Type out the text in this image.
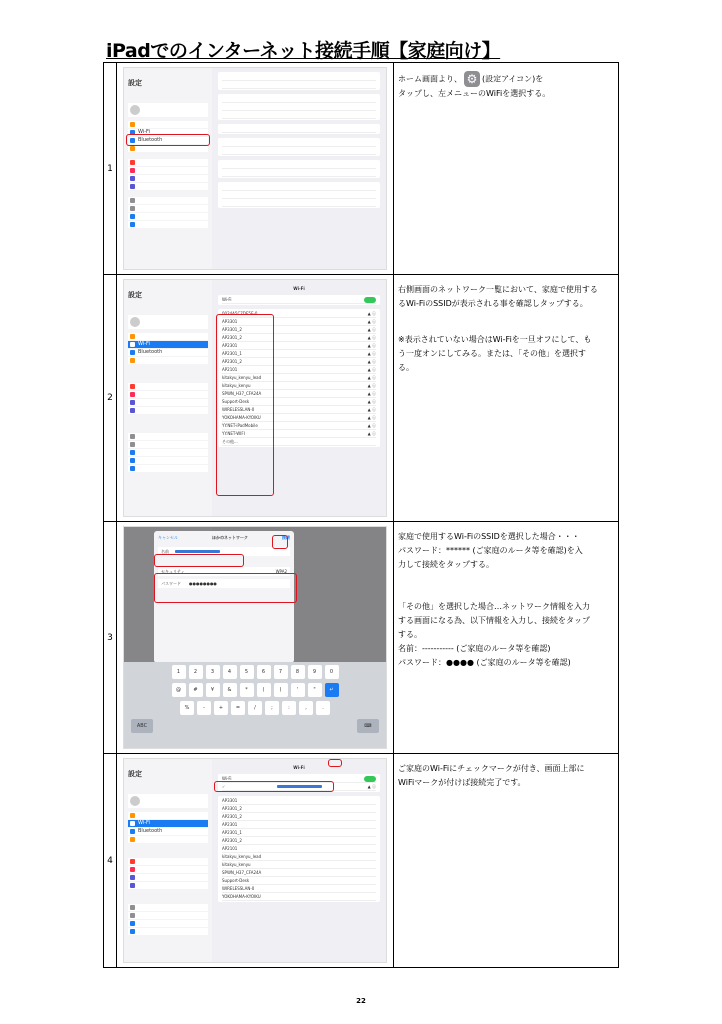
iPadでのインターネット接続手順【家庭向け】
1	
設定

Wi-Fi
Bluetooth

ホーム画面より、⚙	(設定アイコン)を

タップし、左メニューのWiFiを選択する。

2	
設定

Wi-Fi
Bluetooth
Wi-Fi
Wi-Fi
0024A5C7DE5E-0	▲ ⓘ
AP3301	▲ ⓘ
AP3301_2	▲ ⓘ
AP2301_2	▲ ⓘ
AP2301	▲ ⓘ
AP2301_1	▲ ⓘ
AP2301_2	▲ ⓘ
AP2101	▲ ⓘ
kitakyu_kenyu_lead	▲ ⓘ
kitakyu_kenyu	▲ ⓘ
SPWN_H37_CFA24A	▲ ⓘ
Support-Desk	▲ ⓘ
WIRELESSLAN-0	▲ ⓘ
YOKOHAMA-KYOIKU	▲ ⓘ
YY.NET-iPadMobile	▲ ⓘ
YY.NET-WIFI	▲ ⓘ
その他...

右側画面のネットワーク一覧において、家庭で使用する

るWi-FiのSSIDが表示される事を確認しタップする。

※表示されていない場合はWi-Fiを一旦オフにして、も

う一度オンにしてみる。または、「その他」を選択す

る。

3	
キャンセル	ほかのネットワーク	接続
名前
セキュリティ	WPA2
パスワード ●●●●●●●●
1	2	3	4	5	6	7	8	9	0
@	#	¥	&	*	(	)	'	"	↵
%	-	+	=	/	;	:	,	.
ABC	⌨

家庭で使用するWi-FiのSSIDを選択した場合・・・

パスワード：****** (ご家庭のルータ等を確認)を入

力して接続をタップする。

「その他」を選択した場合…ネットワーク情報を入力

する画面になる為、以下情報を入力し、接続をタップ

する。

名前：----------- (ご家庭のルータ等を確認)

パスワード：●●●● (ご家庭のルータ等を確認)

4	
設定

Wi-Fi
Bluetooth
Wi-Fi
Wi-Fi
✓	▲ ⓘ
AP3301
AP3301_2
AP2301_2
AP2301
AP2301_1
AP2301_2
AP2101
kitakyu_kenyu_lead
kitakyu_kenyu
SPWN_H37_CFA24A
Support-Desk
WIRELESSLAN-0
YOKOHAMA-KYOIKU

ご家庭のWi-Fiにチェックマークが付き、画面上部に

WiFiマークが付けば接続完了です。

22
